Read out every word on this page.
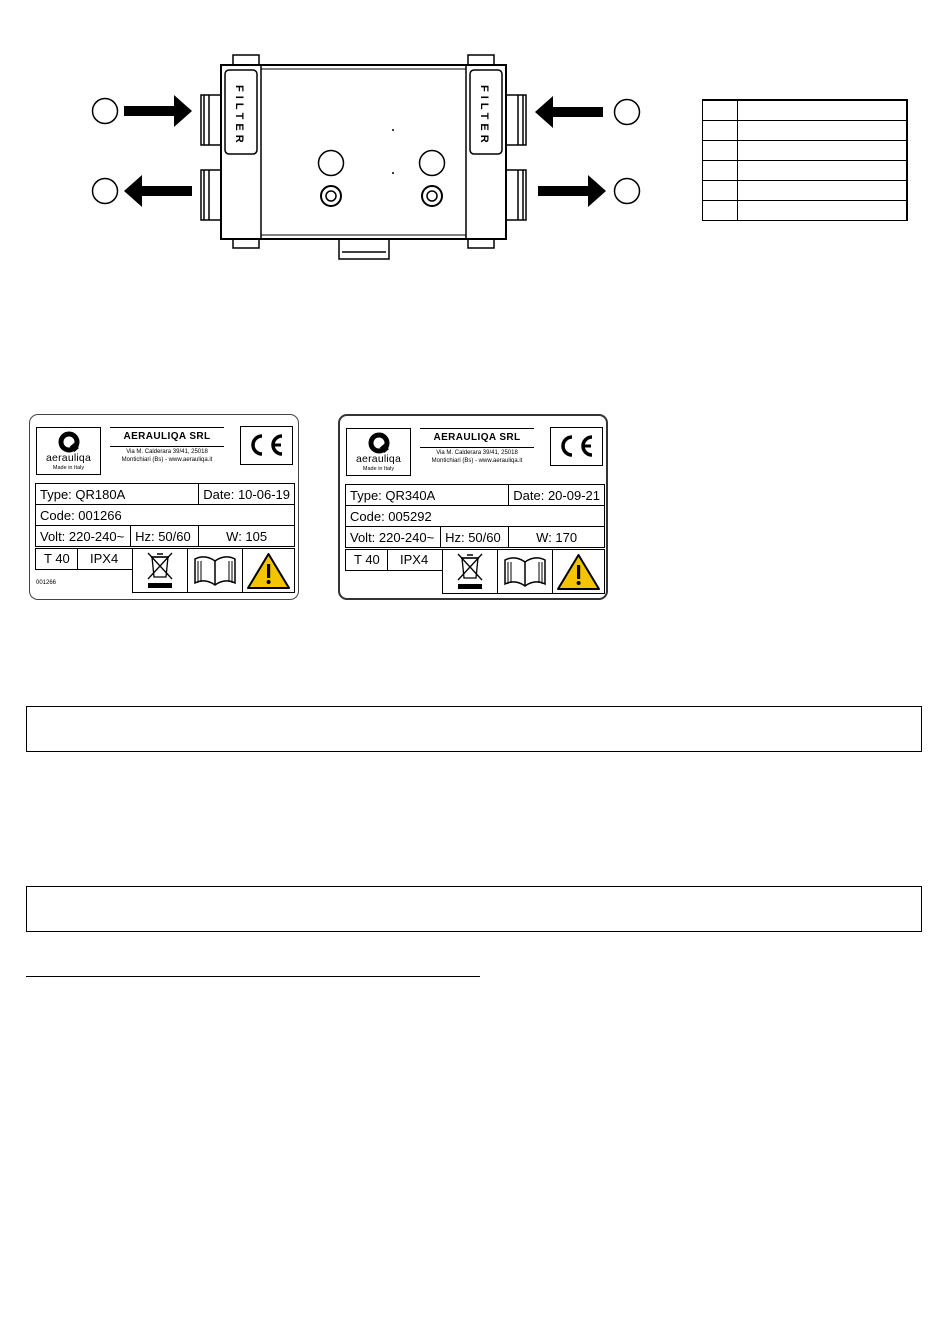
FILTER	FILTER

aerauliqa
Made in Italy
AERAULIQA SRL
Via M. Calderara 39/41, 25018
Montichiari (Bs) - www.aerauliqa.it
Type: QR180A		Date: 10-06-19
Code: 001266		
Volt: 220-240~	Hz: 50/60	W: 105
T 40	IPX4
001266
aerauliqa
Made in Italy
AERAULIQA SRL
Via M. Calderara 39/41, 25018
Montichiari (Bs) - www.aerauliqa.it
Type: QR340A		Date: 20-09-21
Code: 005292		
Volt: 220-240~	Hz: 50/60	W: 170
T 40	IPX4
